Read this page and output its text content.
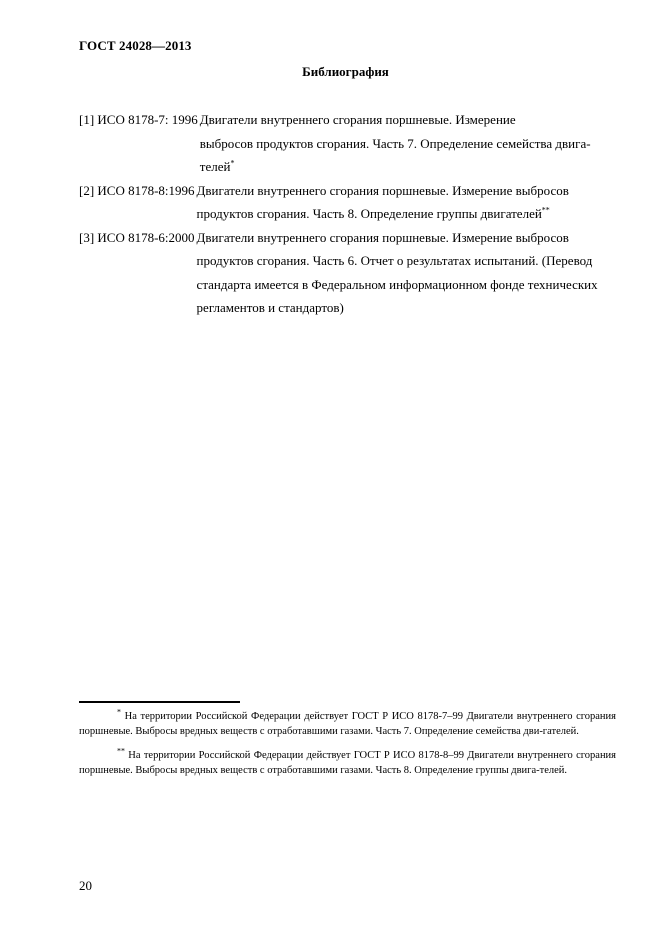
ГОСТ 24028—2013
Библиография
[1] ИСО 8178-7: 1996 Двигатели внутреннего сгорания поршневые. Измерение
выбросов продуктов сгорания. Часть 7. Определение семейства двига-телей*
[2] ИСО 8178-8:1996 Двигатели внутреннего сгорания поршневые. Измерение выбросов
продуктов сгорания. Часть 8. Определение группы двигателей**
[3] ИСО 8178-6:2000 Двигатели внутреннего сгорания поршневые. Измерение выбросов
продуктов сгорания. Часть 6. Отчет о результатах испытаний. (Перевод стандарта имеется в Федеральном информационном фонде технических регламентов и стандартов)

* На территории Российской Федерации действует ГОСТ Р ИСО 8178-7–99 Двигатели внутреннего сгорания поршневые. Выбросы вредных веществ с отработавшими газами. Часть 7. Определение семейства дви-гателей.

** На территории Российской Федерации действует ГОСТ Р ИСО 8178-8–99 Двигатели внутреннего сгорания поршневые. Выбросы вредных веществ с отработавшими газами. Часть 8. Определение группы двига-телей.

20
